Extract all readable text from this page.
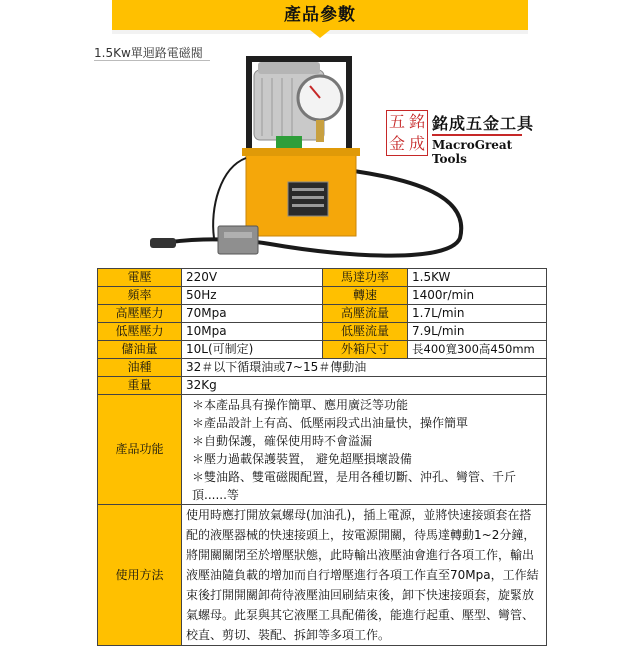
產品參數
1.5Kw單迴路電磁閥
五 銘
金 成
銘成五金工具
MacroGreat Tools
電壓	220V	馬達功率	1.5KW
頻率	50Hz	轉速	1400r/min
高壓壓力	70Mpa	高壓流量	1.7L/min
低壓壓力	10Mpa	低壓流量	7.9L/min
儲油量	10L(可制定)	外箱尺寸	長400寬300高450mm
油種	32＃以下循環油或7~15＃傳動油		
重量	32Kg		
產品功能	＊本產品具有操作簡單、應用廣泛等功能
＊產品設計上有高、低壓兩段式出油量快，操作簡單
＊自動保護，確保使用時不會溢漏
＊壓力過載保護裝置， 避免超壓損壞設備
＊雙油路、雙電磁閥配置，是用各種切斷、沖孔、彎管、千斤頂......等		

使用方法	使用時應打開放氣螺母(加油孔)，插上電源，並將快速接頭套在搭配的液壓器械的快速接頭上，按電源開關，待馬達轉動1~2分鐘，將開關關閉至於增壓狀態，此時輸出液壓油會進行各項工作，輸出液壓油隨負載的增加而自行增壓進行各項工作直至70Mpa，工作結束後打開開關卸荷待液壓油回刷結束後，卸下快速接頭套，旋緊放氣螺母。此泵與其它液壓工具配備後，能進行起重、壓型、彎管、校直、剪切、裝配、拆卸等多項工作。		
